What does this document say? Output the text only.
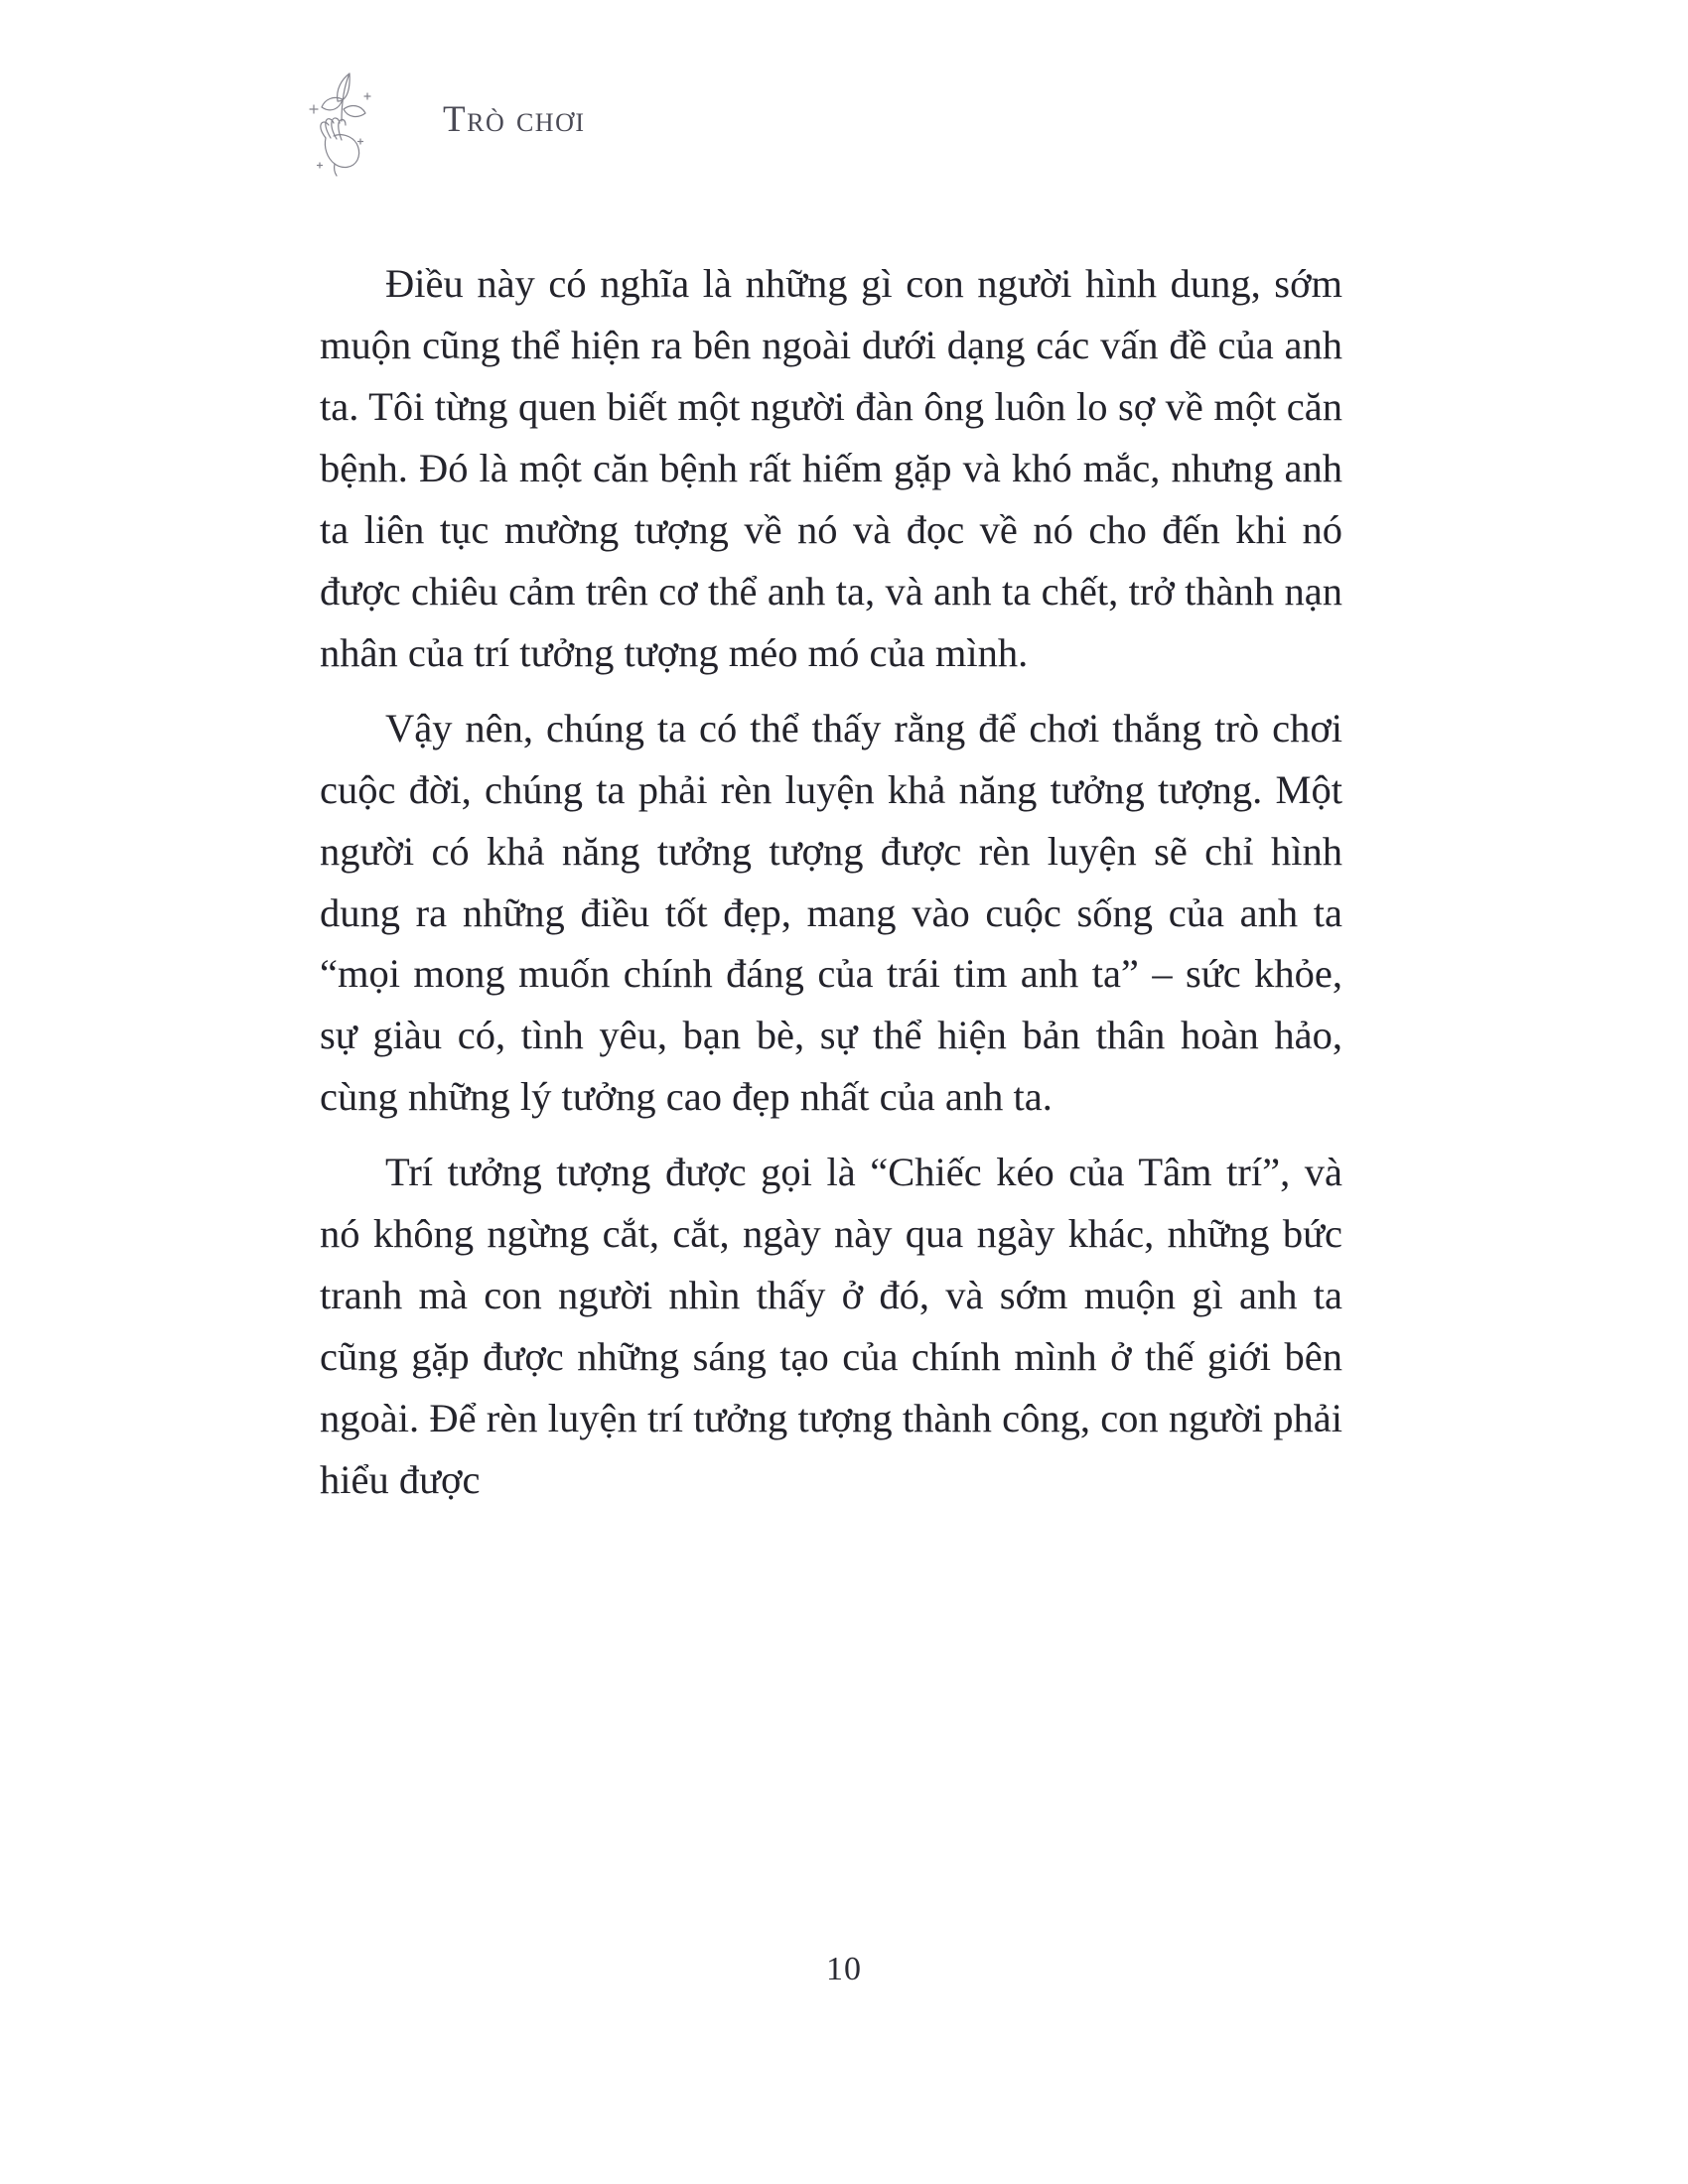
Trò chơi

Điều này có nghĩa là những gì con người hình dung, sớm muộn cũng thể hiện ra bên ngoài dưới dạng các vấn đề của anh ta. Tôi từng quen biết một người đàn ông luôn lo sợ về một căn bệnh. Đó là một căn bệnh rất hiếm gặp và khó mắc, nhưng anh ta liên tục mường tượng về nó và đọc về nó cho đến khi nó được chiêu cảm trên cơ thể anh ta, và anh ta chết, trở thành nạn nhân của trí tưởng tượng méo mó của mình.

Vậy nên, chúng ta có thể thấy rằng để chơi thắng trò chơi cuộc đời, chúng ta phải rèn luyện khả năng tưởng tượng. Một người có khả năng tưởng tượng được rèn luyện sẽ chỉ hình dung ra những điều tốt đẹp, mang vào cuộc sống của anh ta “mọi mong muốn chính đáng của trái tim anh ta” – sức khỏe, sự giàu có, tình yêu, bạn bè, sự thể hiện bản thân hoàn hảo, cùng những lý tưởng cao đẹp nhất của anh ta.

Trí tưởng tượng được gọi là “Chiếc kéo của Tâm trí”, và nó không ngừng cắt, cắt, ngày này qua ngày khác, những bức tranh mà con người nhìn thấy ở đó, và sớm muộn gì anh ta cũng gặp được những sáng tạo của chính mình ở thế giới bên ngoài. Để rèn luyện trí tưởng tượng thành công, con người phải hiểu được

10
